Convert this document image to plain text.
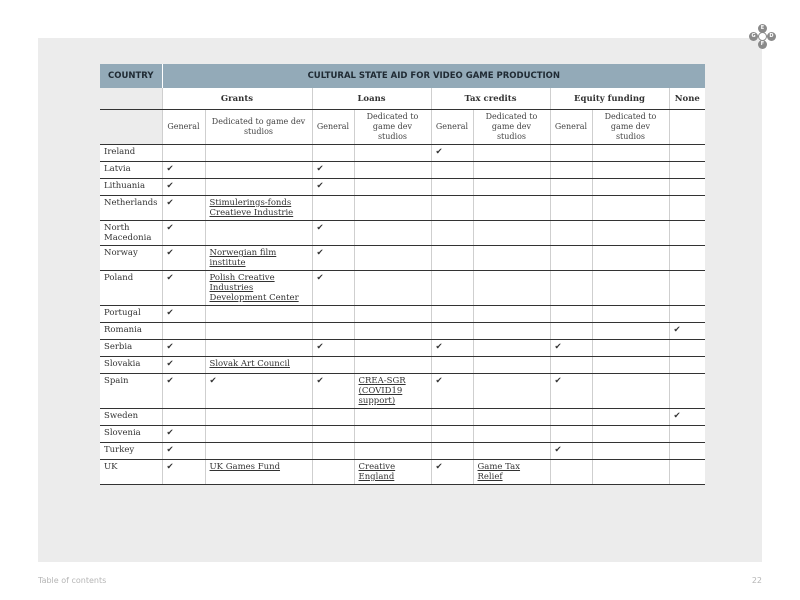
E
G	D
F
COUNTRY	CULTURAL STATE AID FOR VIDEO GAME PRODUCTION								
	Grants		Loans		Tax credits		Equity funding		None
	General	Dedicated to game dev studios	General	Dedicated to game dev studios	General	Dedicated to game dev studios	General	Dedicated to game dev studios	
Ireland					✔				
Latvia	✔		✔						
Lithuania	✔		✔						
Netherlands	✔	Stimulerings-fonds Creatieve Industrie							
North Macedonia	✔		✔						
Norway	✔	Norwegian film institute	✔						
Poland	✔	Polish Creative Industries Development Center	✔						
Portugal	✔								
Romania									✔
Serbia	✔		✔		✔		✔		
Slovakia	✔	Slovak Art Council							
Spain	✔	✔	✔	CREA-SGR (COVID19 support)	✔		✔		
Sweden									✔
Slovenia	✔								
Turkey	✔						✔		
UK	✔	UK Games Fund		Creative England	✔	Game Tax Relief			
Table of contents	22
